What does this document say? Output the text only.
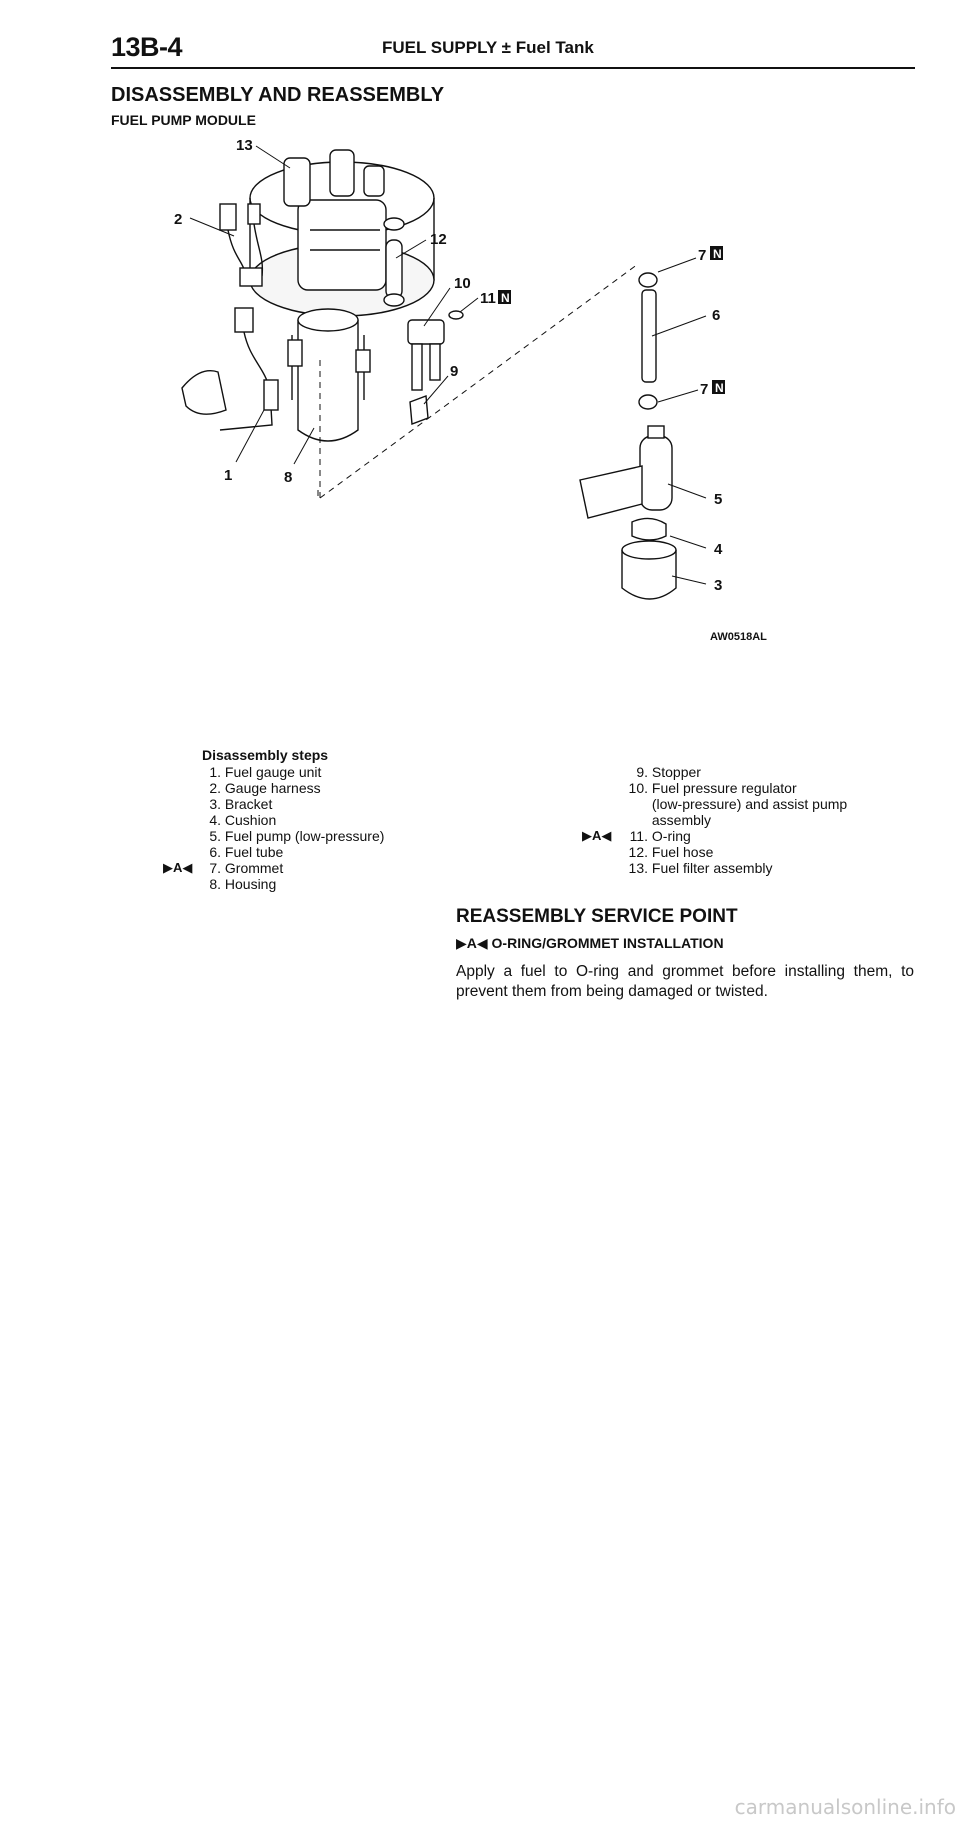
13B-4	FUEL SUPPLY ± Fuel Tank
DISASSEMBLY AND REASSEMBLY
FUEL PUMP MODULE
13
2
12
10
11
9
7
6
7
5
4
3
1	8
N
N
N
AW0518AL
Disassembly steps
1. Fuel gauge unit
2. Gauge harness
3. Bracket
4. Cushion
5. Fuel pump (low-pressure)
6. Fuel tube
▶A◀	7. Grommet
8. Housing
9. Stopper
10. Fuel pressure regulator
(low-pressure) and assist pump
assembly
▶A◀	11. O-ring
12. Fuel hose
13. Fuel filter assembly
REASSEMBLY SERVICE POINT
▶A◀ O-RING/GROMMET INSTALLATION
Apply a fuel to O-ring and grommet before installing them, to prevent them from being damaged or twisted.
carmanualsonline.info
